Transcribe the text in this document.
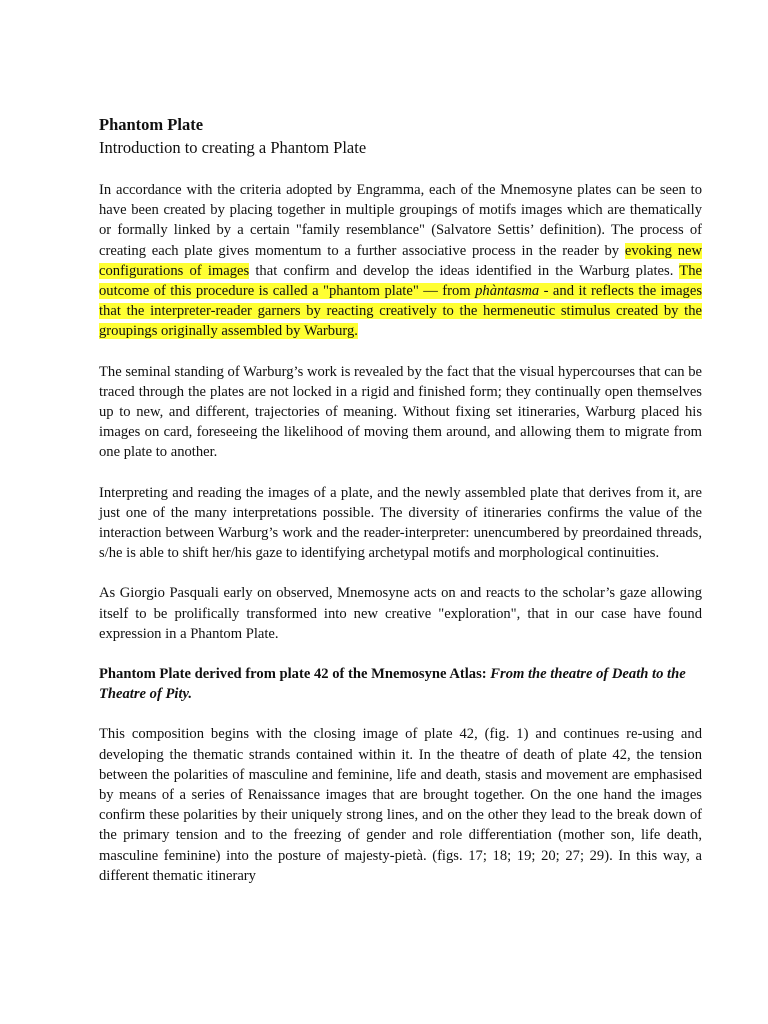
Phantom Plate
Introduction to creating a Phantom Plate

In accordance with the criteria adopted by Engramma, each of the Mnemosyne plates can be seen to have been created by placing together in multiple groupings of motifs images which are thematically or formally linked by a certain "family resemblance" (Salvatore Settis’ definition). The process of creating each plate gives momentum to a further associative process in the reader by evoking new configurations of images that confirm and develop the ideas identified in the Warburg plates. The outcome of this procedure is called a "phantom plate" — from phàntasma - and it reflects the images that the interpreter-reader garners by reacting creatively to the hermeneutic stimulus created by the groupings originally assembled by Warburg.

The seminal standing of Warburg’s work is revealed by the fact that the visual hypercourses that can be traced through the plates are not locked in a rigid and finished form; they continually open themselves up to new, and different, trajectories of meaning. Without fixing set itineraries, Warburg placed his images on card, foreseeing the likelihood of moving them around, and allowing them to migrate from one plate to another.

Interpreting and reading the images of a plate, and the newly assembled plate that derives from it, are just one of the many interpretations possible. The diversity of itineraries confirms the value of the interaction between Warburg’s work and the reader-interpreter: unencumbered by preordained threads, s/he is able to shift her/his gaze to identifying archetypal motifs and morphological continuities.

As Giorgio Pasquali early on observed, Mnemosyne acts on and reacts to the scholar’s gaze allowing itself to be prolifically transformed into new creative "exploration", that in our case have found expression in a Phantom Plate.

Phantom Plate derived from plate 42 of the Mnemosyne Atlas: From the theatre of Death to the Theatre of Pity.

This composition begins with the closing image of plate 42, (fig. 1) and continues re-using and developing the thematic strands contained within it. In the theatre of death of plate 42, the tension between the polarities of masculine and feminine, life and death, stasis and movement are emphasised by means of a series of Renaissance images that are brought together. On the one hand the images confirm these polarities by their uniquely strong lines, and on the other they lead to the break down of the primary tension and to the freezing of gender and role differentiation (mother son, life death, masculine feminine) into the posture of majesty-pietà. (figs. 17; 18; 19; 20; 27; 29). In this way, a different thematic itinerary
